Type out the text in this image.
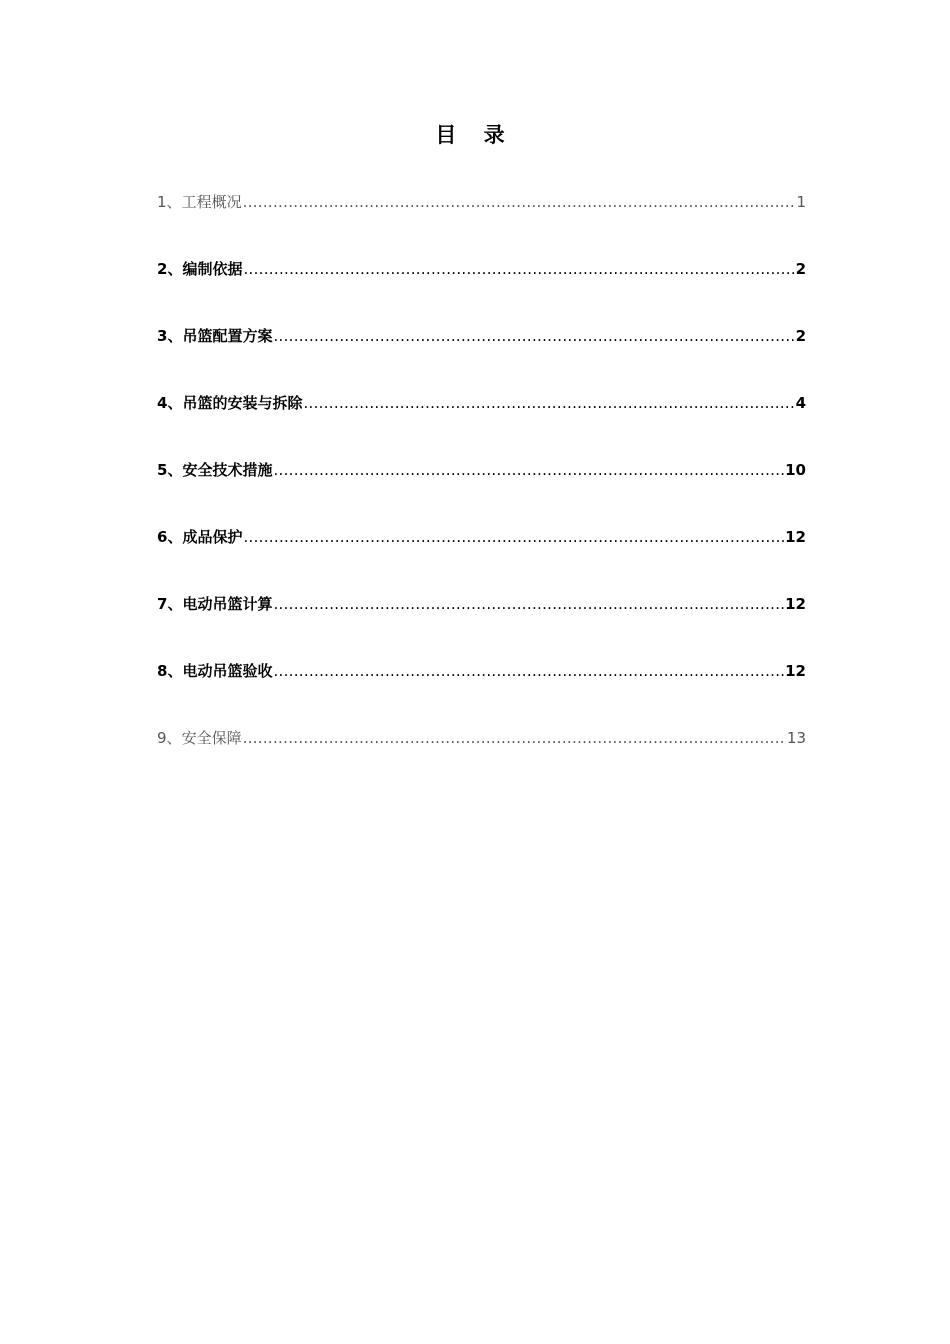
目 录
1、工程概况 .....	1
2、编制依据 .....	2
3、吊篮配置方案 .....	2
4、吊篮的安装与拆除 .....	4
5、安全技术措施 .....	10
6、成品保护 .....	12
7、电动吊篮计算 .....	12
8、电动吊篮验收 .....	12
9、安全保障 .....	13
